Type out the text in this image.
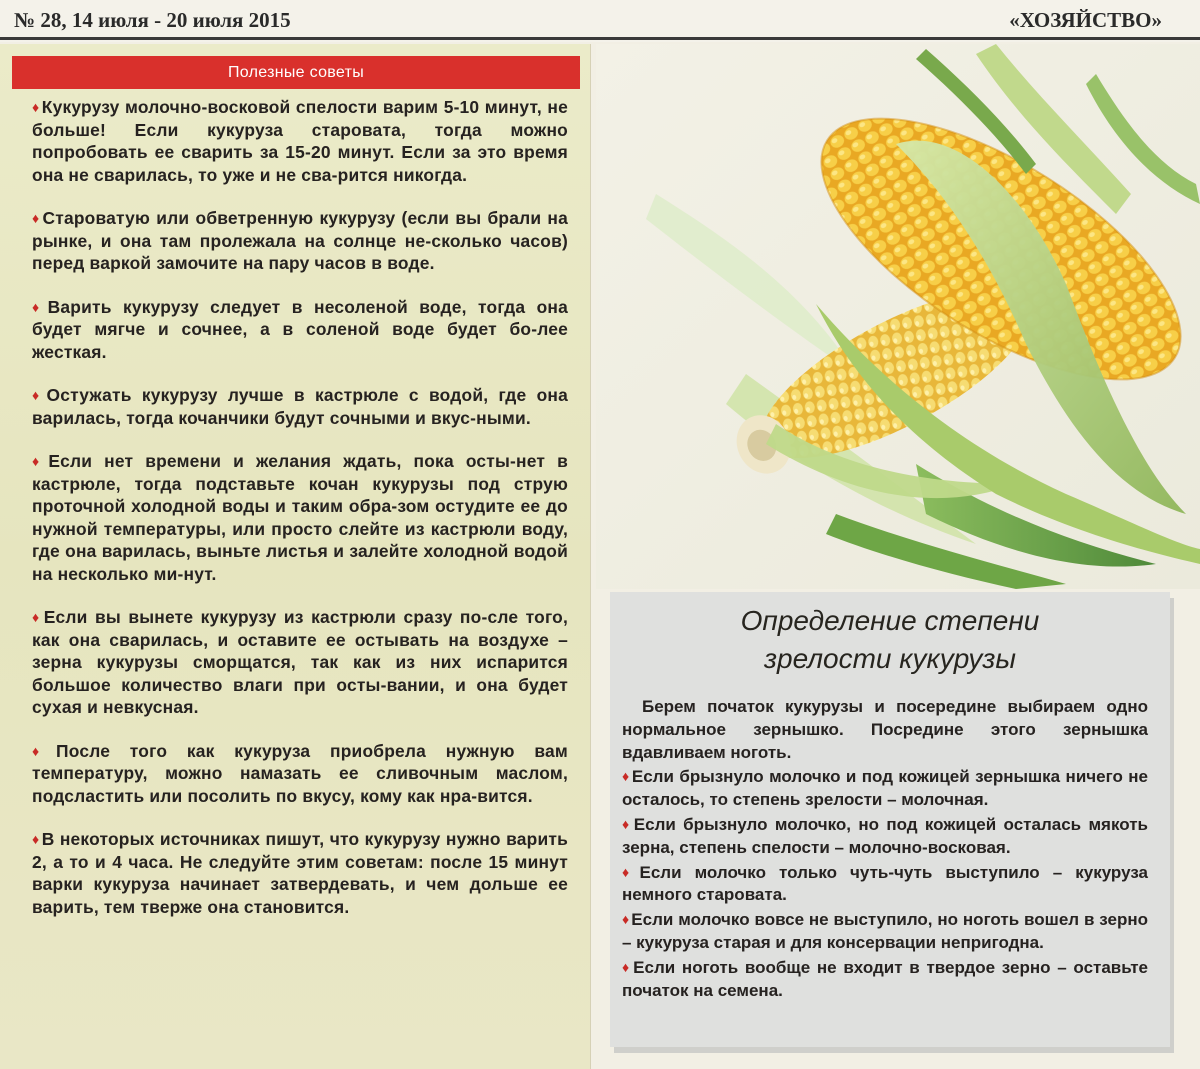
№ 28, 14 июля - 20 июля 2015	«ХОЗЯЙСТВО»
Полезные советы
♦ Кукурузу молочно-восковой спелости варим 5-10 минут, не больше! Если кукуруза старовата, тогда можно попробовать ее сварить за 15-20 минут. Если за это время она не сварилась, то уже и не сва-рится никогда.
♦ Староватую или обветренную кукурузу (если вы брали на рынке, и она там пролежала на солнце не-сколько часов) перед варкой замочите на пару часов в воде.
♦ Варить кукурузу следует в несоленой воде, тогда она будет мягче и сочнее, а в соленой воде будет бо-лее жесткая.
♦ Остужать кукурузу лучше в кастрюле с водой, где она варилась, тогда кочанчики будут сочными и вкус-ными.
♦ Если нет времени и желания ждать, пока осты-нет в кастрюле, тогда подставьте кочан кукурузы под струю проточной холодной воды и таким обра-зом остудите ее до нужной температуры, или просто слейте из кастрюли воду, где она варилась, выньте листья и залейте холодной водой на несколько ми-нут.
♦ Если вы вынете кукурузу из кастрюли сразу по-сле того, как она сварилась, и оставите ее остывать на воздухе – зерна кукурузы сморщатся, так как из них испарится большое количество влаги при осты-вании, и она будет сухая и невкусная.
♦ После того как кукуруза приобрела нужную вам температуру, можно намазать ее сливочным маслом, подсластить или посолить по вкусу, кому как нра-вится.
♦ В некоторых источниках пишут, что кукурузу нужно варить 2, а то и 4 часа. Не следуйте этим советам: после 15 минут варки кукуруза начинает затвердевать, и чем дольше ее варить, тем тверже она становится.
Определение степени
зрелости кукурузы

Берем початок кукурузы и посередине выбираем одно нормальное зернышко. Посредине этого зернышка вдавливаем ноготь.

♦ Если брызнуло молочко и под кожицей зернышка ничего не осталось, то степень зрелости – молочная.

♦ Если брызнуло молочко, но под кожицей осталась мякоть зерна, степень спелости – молочно-восковая.

♦ Если молочко только чуть-чуть выступило – кукуруза немного староватa.

♦ Если молочко вовсе не выступило, но ноготь вошел в зерно – кукуруза старая и для консервации непригодна.

♦ Если ноготь вообще не входит в твердое зерно – оставьте початок на семена.
